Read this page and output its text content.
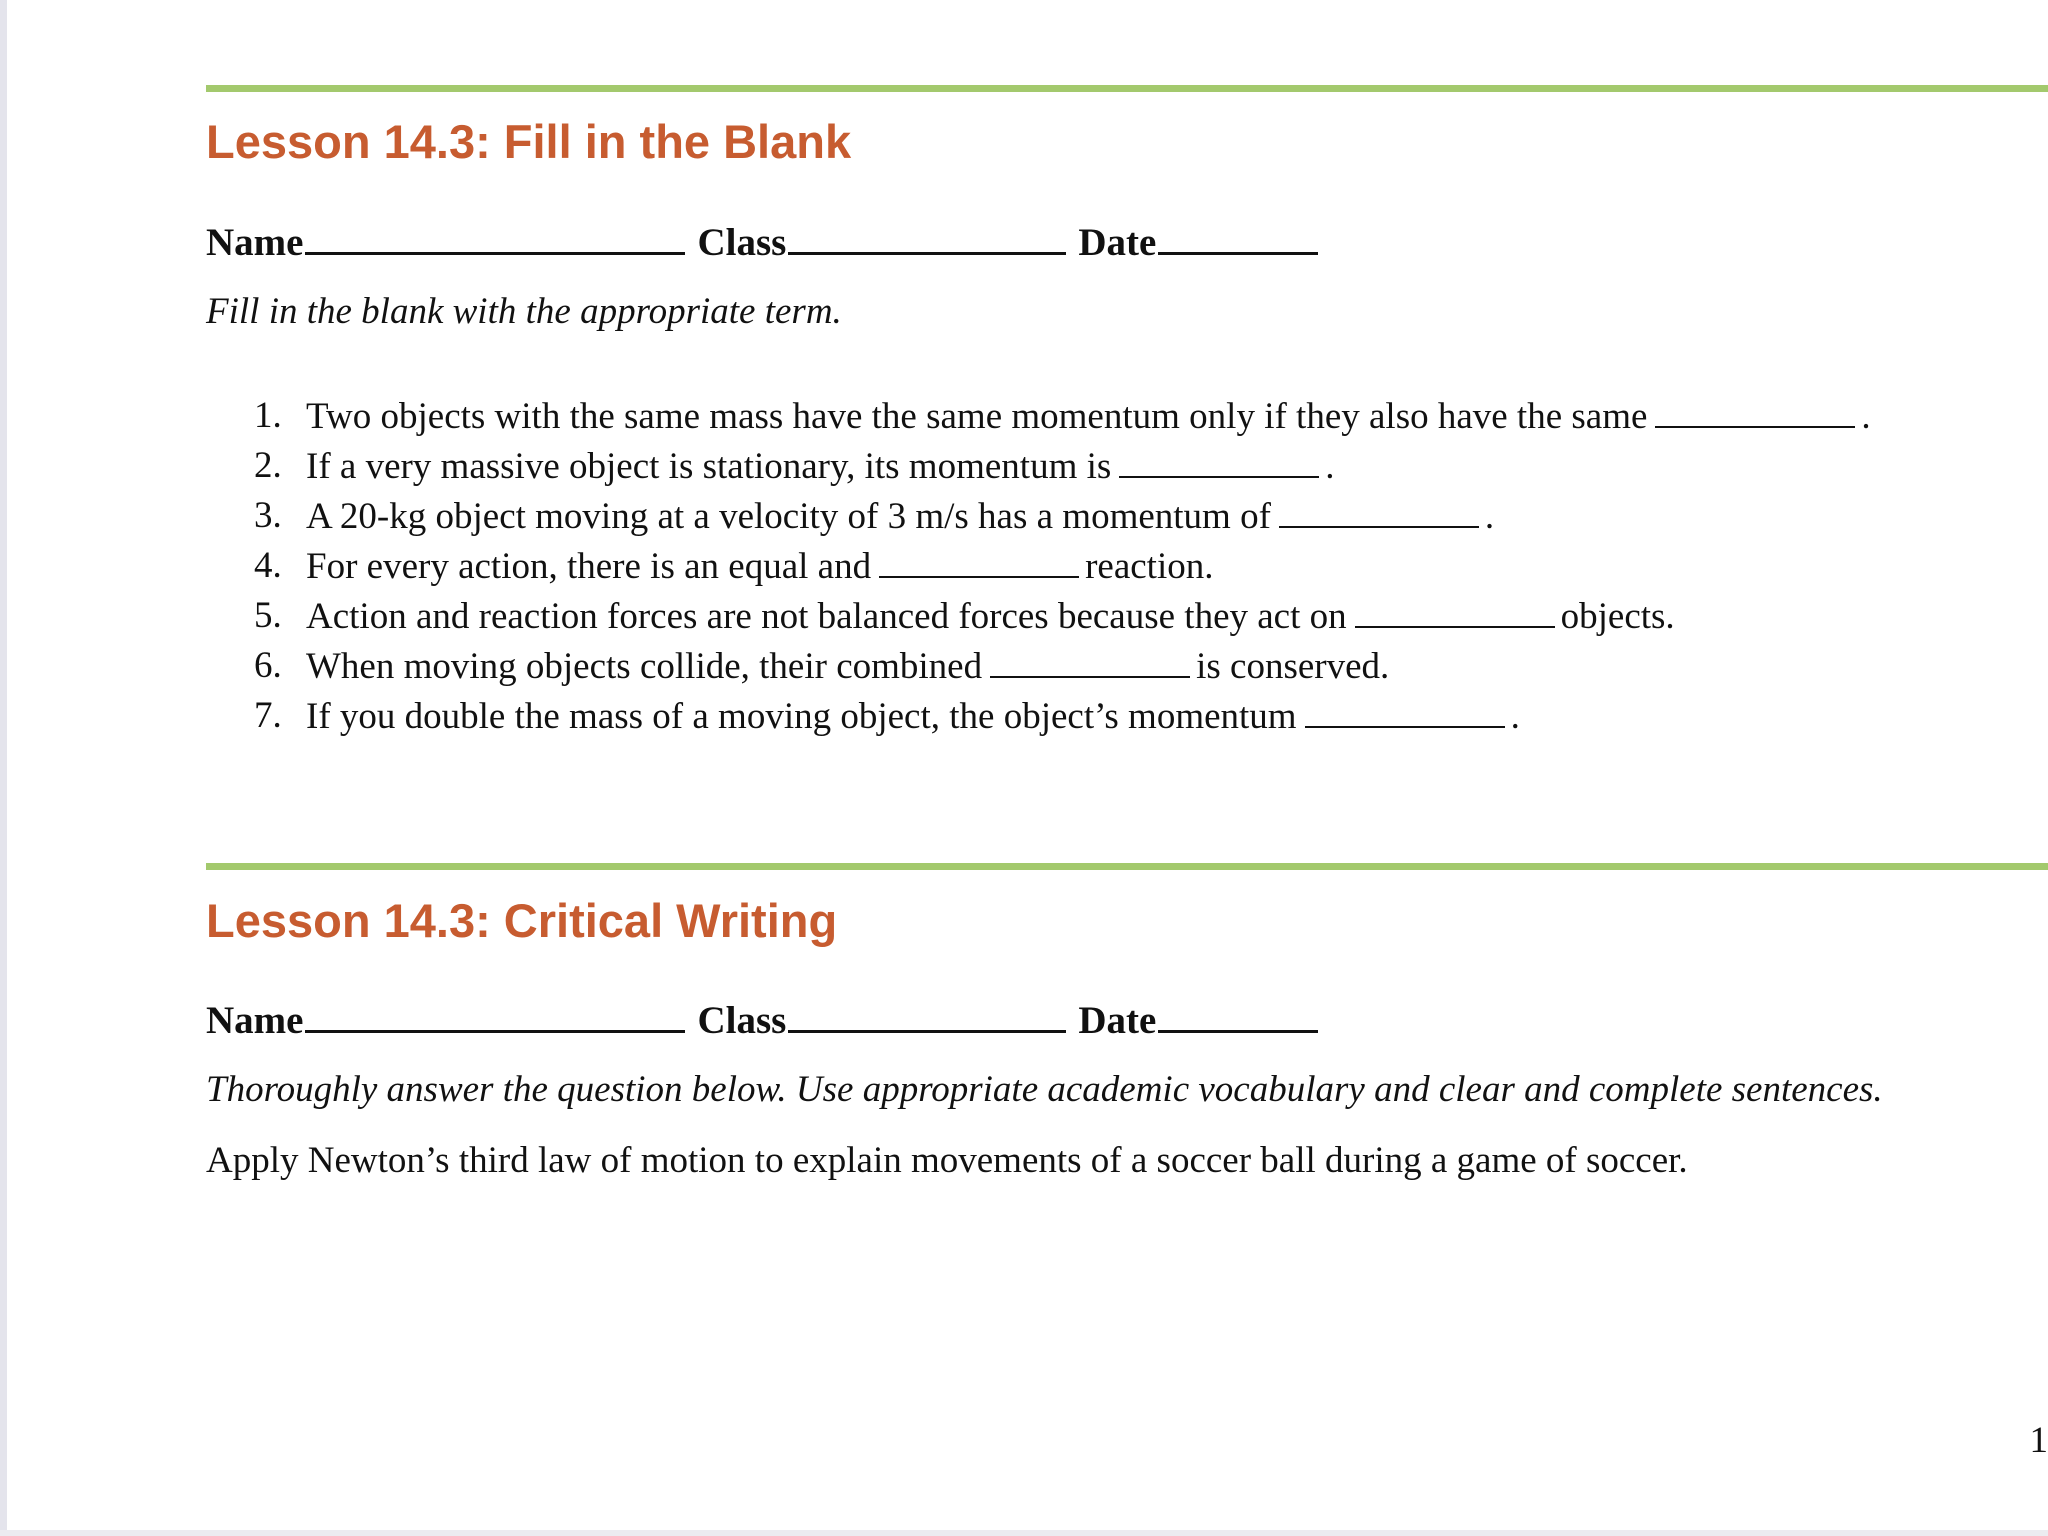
Lesson 14.3: Fill in the Blank
Name	Class	Date
Fill in the blank with the appropriate term.
1. Two objects with the same mass have the same momentum only if they also have the same	.
2. If a very massive object is stationary, its momentum is	.
3. A 20-kg object moving at a velocity of 3 m/s has a momentum of	.
4. For every action, there is an equal and	reaction.
5. Action and reaction forces are not balanced forces because they act on	objects.
6. When moving objects collide, their combined	is conserved.
7. If you double the mass of a moving object, the object’s momentum	.
Lesson 14.3: Critical Writing
Name	Class	Date
Thoroughly answer the question below. Use appropriate academic vocabulary and clear and complete sentences.
Apply Newton’s third law of motion to explain movements of a soccer ball during a game of soccer.
1
